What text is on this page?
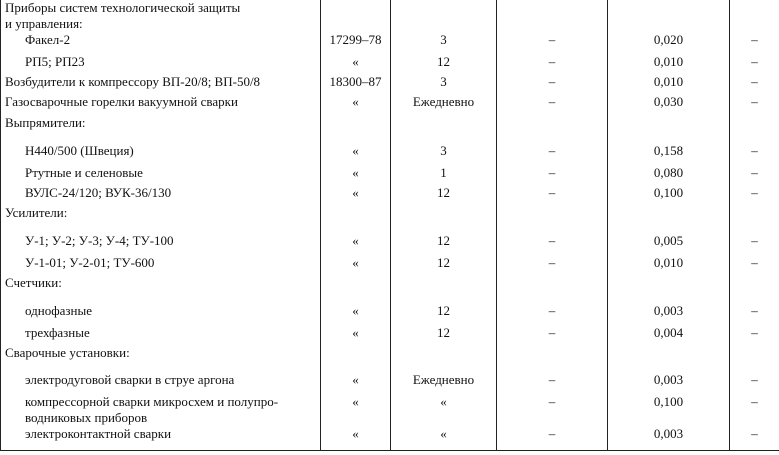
Приборы систем технологической защиты					
и управления:					
Факел-2	17299–78	3	–	0,020	–
РП5; РП23	«	12	–	0,010	–
Возбудители к компрессору ВП-20/8; ВП-50/8	18300–87	3	–	0,010	–
Газосварочные горелки вакуумной сварки	«	Ежедневно	–	0,030	–
Выпрямители:					
Н440/500 (Швеция)	«	3	–	0,158	–
Ртутные и селеновые	«	1	–	0,080	–
ВУЛС-24/120; ВУК-36/130	«	12	–	0,100	–
Усилители:					
У-1; У-2; У-3; У-4; ТУ-100	«	12	–	0,005	–
У-1-01; У-2-01; ТУ-600	«	12	–	0,010	–
Счетчики:					
однофазные	«	12	–	0,003	–
трехфазные	«	12	–	0,004	–
Сварочные установки:					
электродуговой сварки в струе аргона	«	Ежедневно	–	0,003	–
компрессорной сварки микросхем и полупро-	«	«	–	0,100	–
водниковых приборов					
электроконтактной сварки	«	«	–	0,003	–
